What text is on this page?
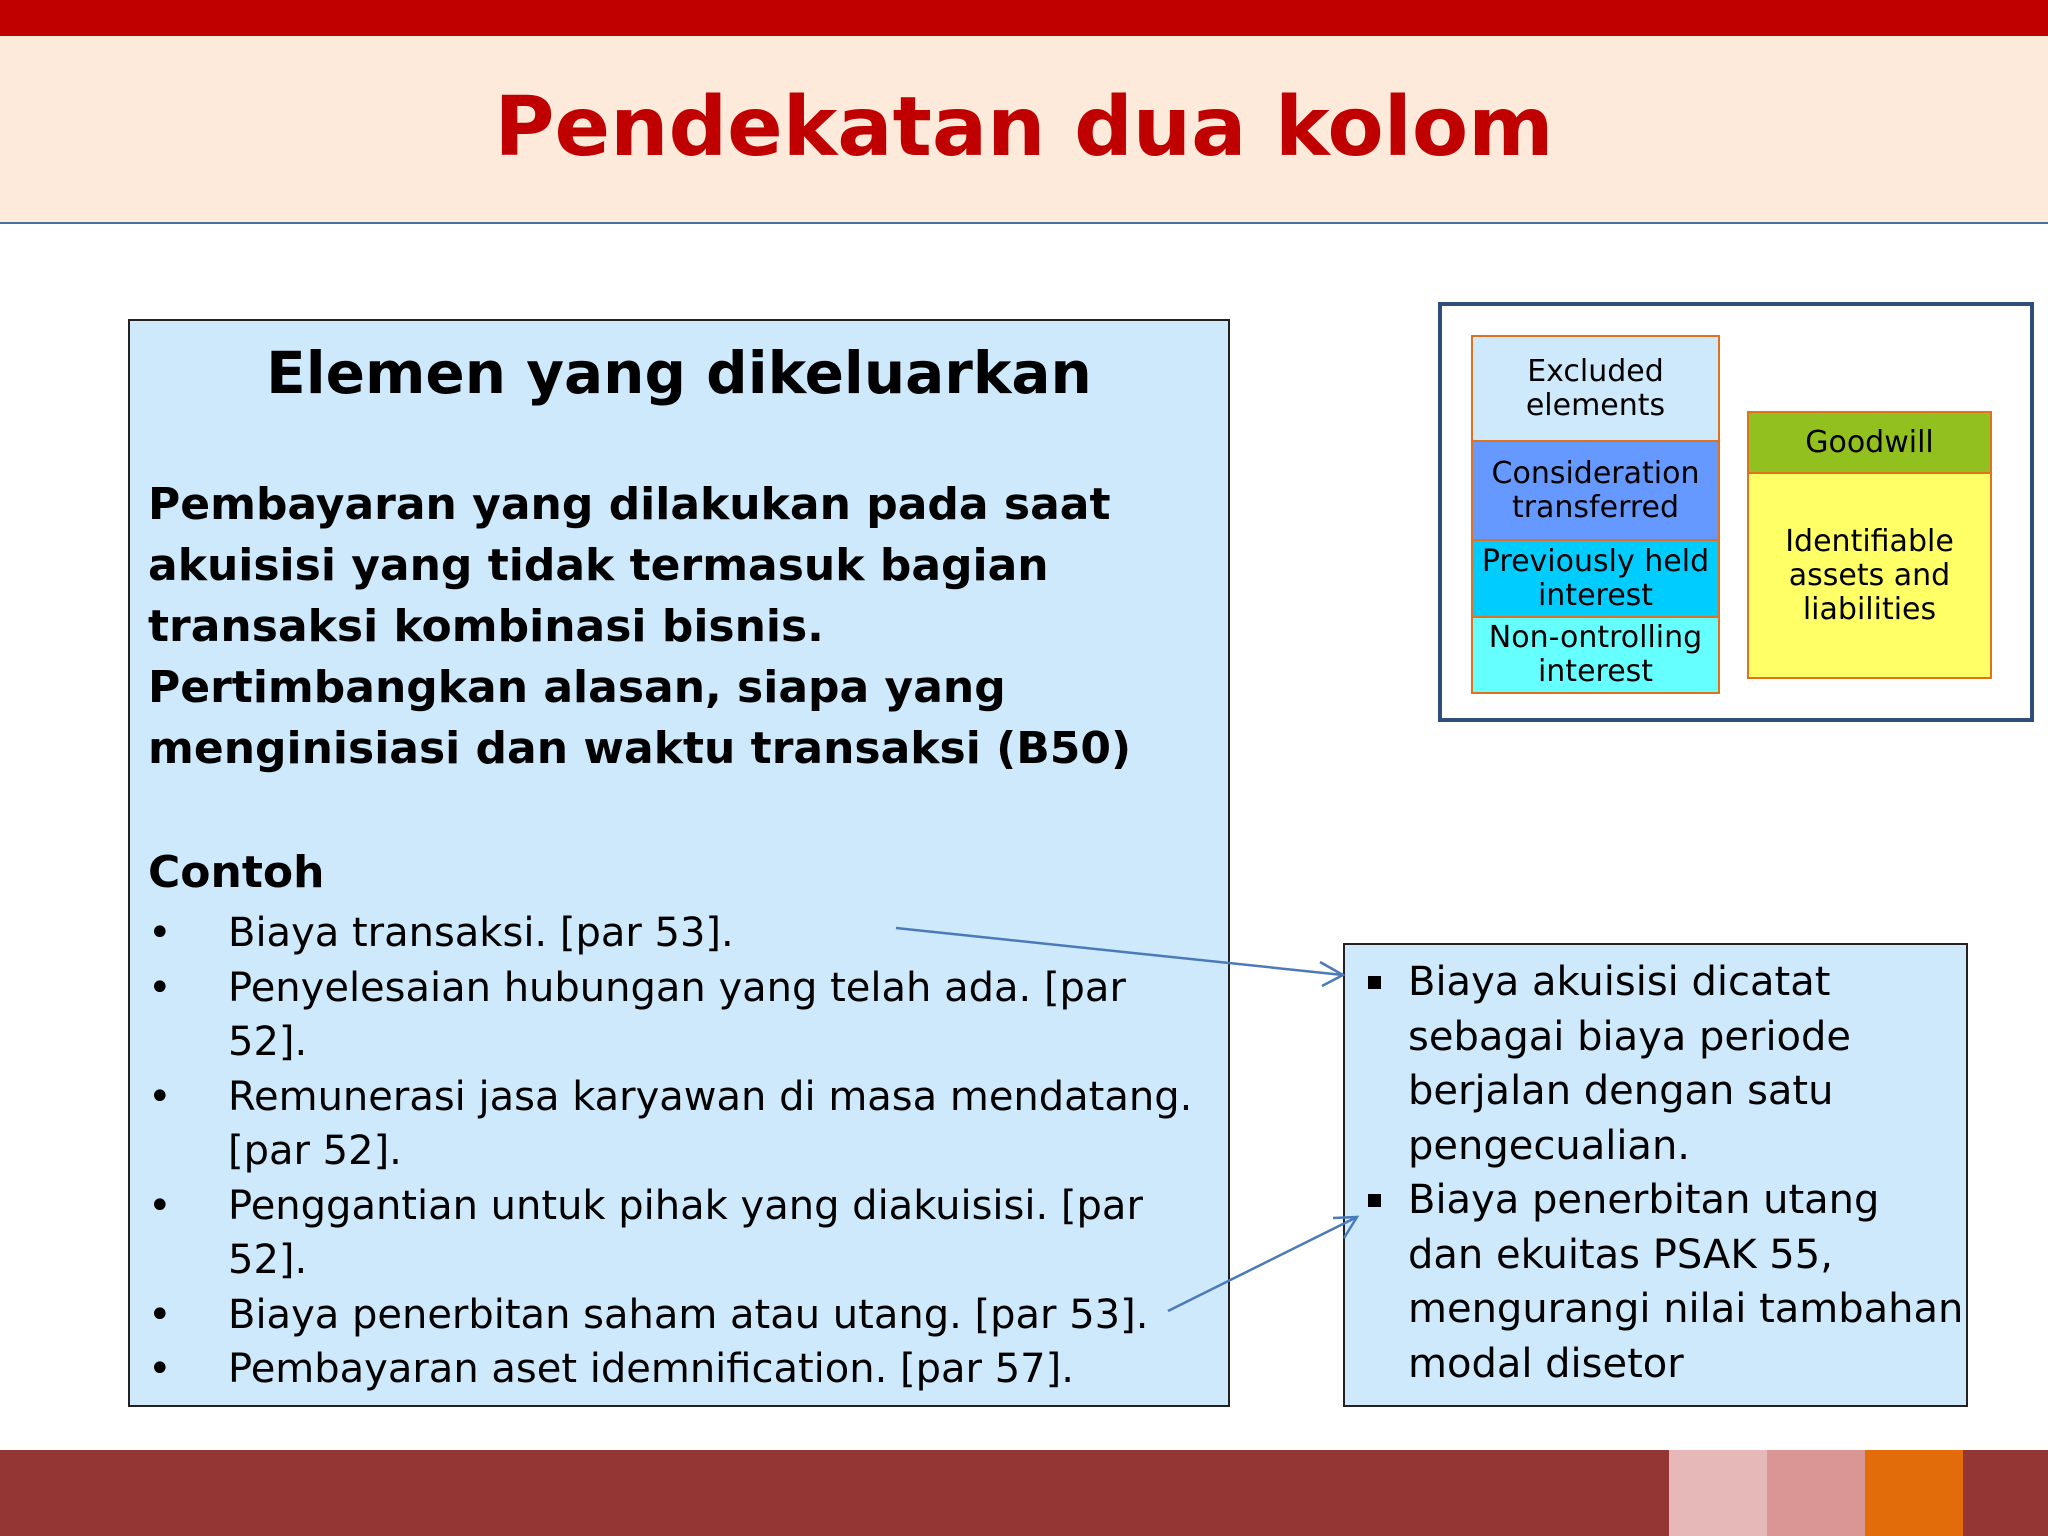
Pendekatan dua kolom
Elemen yang dikeluarkan

Pembayaran yang dilakukan pada saat akuisisi yang tidak termasuk bagian transaksi kombinasi bisnis.

Pertimbangkan alasan, siapa yang menginisiasi dan waktu transaksi (B50)

Contoh
• Biaya transaksi. [par 53].
• Penyelesaian hubungan yang telah ada. [par 52].
• Remunerasi jasa karyawan di masa mendatang. [par 52].
• Penggantian untuk pihak yang diakuisisi. [par 52].
• Biaya penerbitan saham atau utang. [par 53].
• Pembayaran aset idemnification. [par 57].
Excluded elements
Consideration transferred
Previously held interest
Non-ontrolling interest
Goodwill
Identifiable assets and liabilities
Biaya akuisisi dicatat sebagai biaya periode berjalan dengan satu pengecualian.
Biaya penerbitan utang dan ekuitas PSAK 55, mengurangi nilai tambahan modal disetor
